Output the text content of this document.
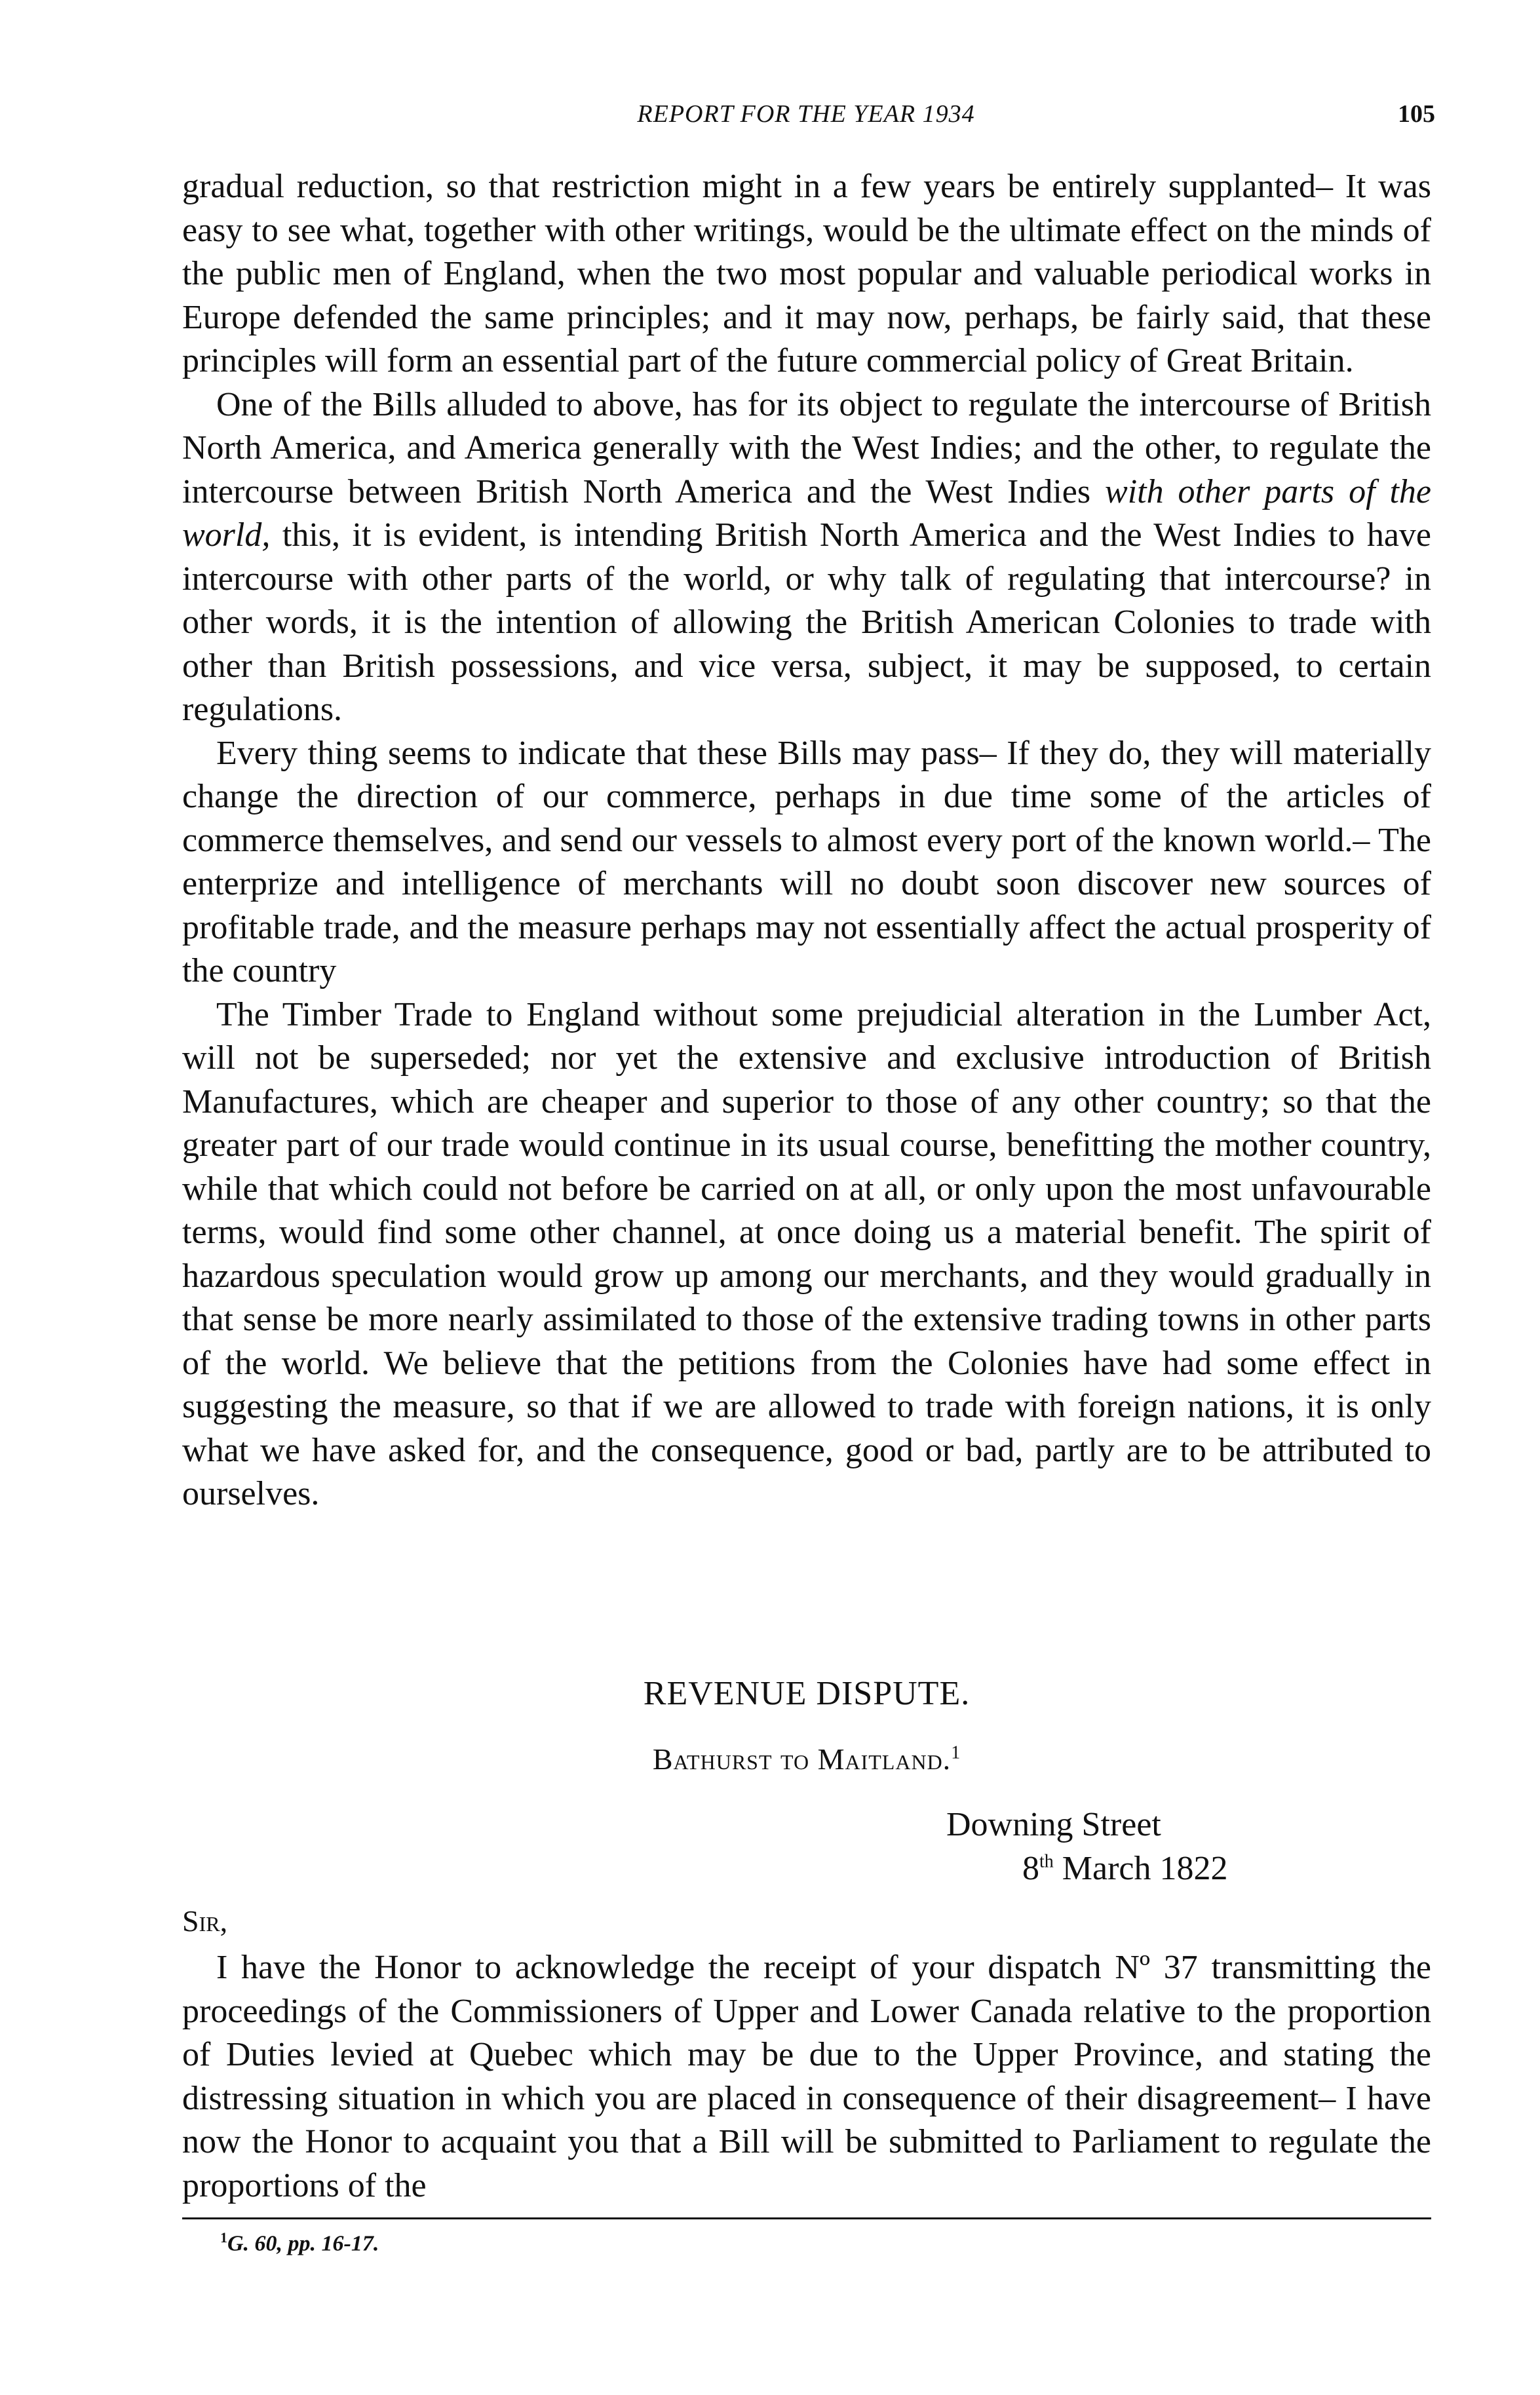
REPORT FOR THE YEAR 1934	105

gradual reduction, so that restriction might in a few years be entirely supplanted– It was easy to see what, together with other writings, would be the ultimate effect on the minds of the public men of England, when the two most popular and valuable periodical works in Europe defended the same principles; and it may now, perhaps, be fairly said, that these principles will form an essential part of the future commercial policy of Great Britain.

One of the Bills alluded to above, has for its object to regulate the intercourse of British North America, and America generally with the West Indies; and the other, to regulate the intercourse between British North America and the West Indies with other parts of the world, this, it is evident, is intending British North America and the West Indies to have intercourse with other parts of the world, or why talk of regulating that intercourse? in other words, it is the intention of allowing the British American Colonies to trade with other than British possessions, and vice versa, subject, it may be supposed, to certain regulations.

Every thing seems to indicate that these Bills may pass– If they do, they will materially change the direction of our commerce, perhaps in due time some of the articles of commerce themselves, and send our vessels to almost every port of the known world.– The enterprize and intelligence of merchants will no doubt soon discover new sources of profitable trade, and the measure perhaps may not essentially affect the actual prosperity of the country

The Timber Trade to England without some prejudicial alteration in the Lumber Act, will not be superseded; nor yet the extensive and exclusive introduction of British Manufactures, which are cheaper and superior to those of any other country; so that the greater part of our trade would continue in its usual course, benefitting the mother country, while that which could not before be carried on at all, or only upon the most unfavourable terms, would find some other channel, at once doing us a material benefit. The spirit of hazardous speculation would grow up among our merchants, and they would gradually in that sense be more nearly assimilated to those of the extensive trading towns in other parts of the world. We believe that the petitions from the Colonies have had some effect in suggesting the measure, so that if we are allowed to trade with foreign nations, it is only what we have asked for, and the consequence, good or bad, partly are to be attributed to ourselves.

REVENUE DISPUTE.
Bathurst to Maitland.$^1$
Downing Street
8th March 1822
Sir,

I have the Honor to acknowledge the receipt of your dispatch Nº 37 transmitting the proceedings of the Commissioners of Upper and Lower Canada relative to the proportion of Duties levied at Quebec which may be due to the Upper Province, and stating the distressing situation in which you are placed in consequence of their disagreement– I have now the Honor to acquaint you that a Bill will be submitted to Parliament to regulate the proportions of the

$^1$G. 60, pp. 16-17.
